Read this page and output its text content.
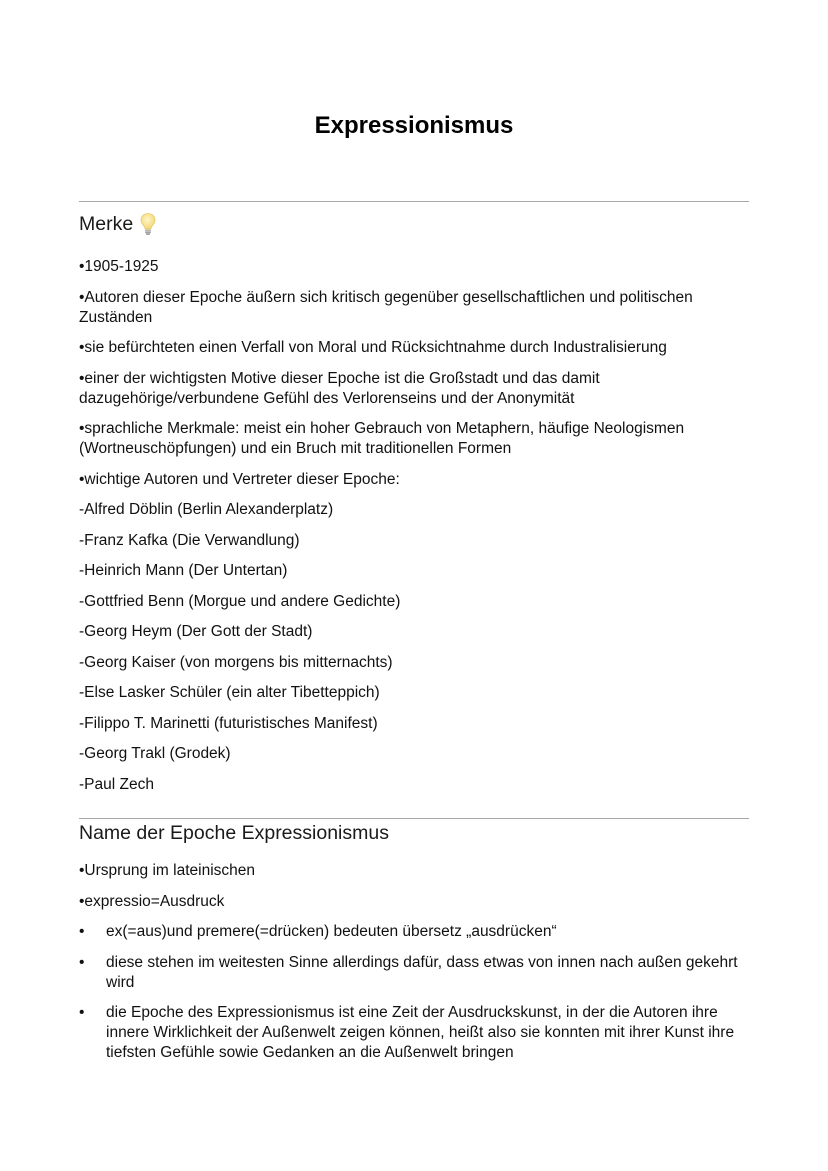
Expressionismus
Merke
•1905-1925
•Autoren dieser Epoche äußern sich kritisch gegenüber gesellschaftlichen und politischen Zuständen
•sie befürchteten einen Verfall von Moral und Rücksichtnahme durch Industralisierung
•einer der wichtigsten Motive dieser Epoche ist die Großstadt und das damit dazugehörige/verbundene Gefühl des Verlorenseins und der Anonymität
•sprachliche Merkmale: meist ein hoher Gebrauch von Metaphern, häufige Neologismen (Wortneuschöpfungen) und ein Bruch mit traditionellen Formen
•wichtige Autoren und Vertreter dieser Epoche:
-Alfred Döblin (Berlin Alexanderplatz)
-Franz Kafka (Die Verwandlung)
-Heinrich Mann (Der Untertan)
-Gottfried Benn (Morgue und andere Gedichte)
-Georg Heym (Der Gott der Stadt)
-Georg Kaiser (von morgens bis mitternachts)
-Else Lasker Schüler (ein alter Tibetteppich)
-Filippo T. Marinetti (futuristisches Manifest)
-Georg Trakl (Grodek)
-Paul Zech
Name der Epoche Expressionismus
•Ursprung im lateinischen
•expressio=Ausdruck
•	ex(=aus)und premere(=drücken) bedeuten übersetz „ausdrücken“
•	diese stehen im weitesten Sinne allerdings dafür, dass etwas von innen nach außen gekehrt wird
•	die Epoche des Expressionismus ist eine Zeit der Ausdruckskunst, in der die Autoren ihre innere Wirklichkeit der Außenwelt zeigen können, heißt also sie konnten mit ihrer Kunst ihre tiefsten Gefühle sowie Gedanken an die Außenwelt bringen
